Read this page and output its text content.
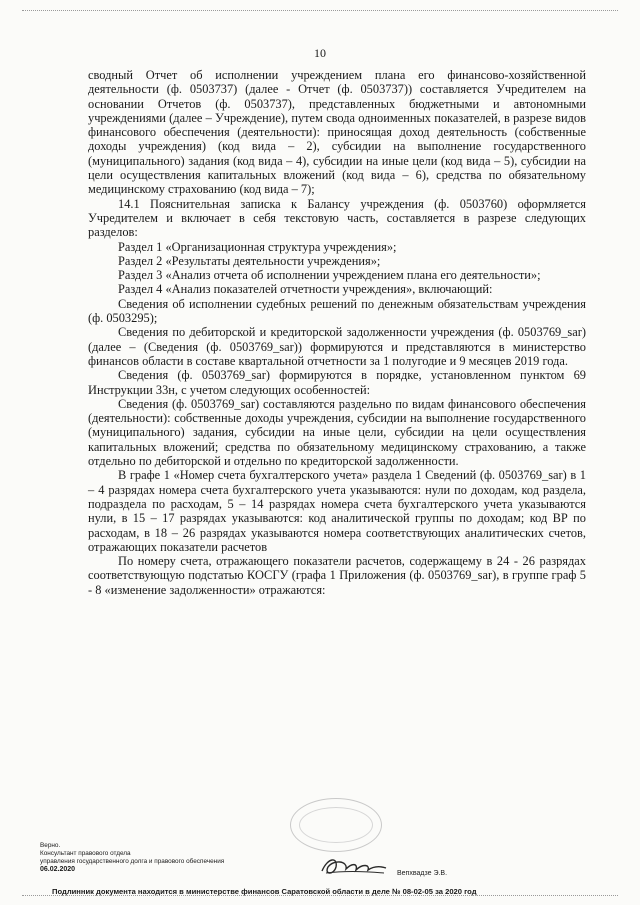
10

сводный Отчет об исполнении учреждением плана его финансово-хозяйственной деятельности (ф. 0503737) (далее - Отчет (ф. 0503737)) составляется Учредителем на основании Отчетов (ф. 0503737), представленных бюджетными и автономными учреждениями (далее – Учреждение), путем свода одноименных показателей, в разрезе видов финансового обеспечения (деятельности): приносящая доход деятельность (собственные доходы учреждения) (код вида – 2), субсидии на выполнение государственного (муниципального) задания (код вида – 4), субсидии на иные цели (код вида – 5), субсидии на цели осуществления капитальных вложений (код вида – 6), средства по обязательному медицинскому страхованию (код вида – 7);

14.1 Пояснительная записка к Балансу учреждения (ф. 0503760) оформляется Учредителем и включает в себя текстовую часть, составляется в разрезе следующих разделов:

Раздел 1 «Организационная структура учреждения»;

Раздел 2 «Результаты деятельности учреждения»;

Раздел 3 «Анализ отчета об исполнении учреждением плана его деятельности»;

Раздел 4 «Анализ показателей отчетности учреждения», включающий:

Сведения об исполнении судебных решений по денежным обязательствам учреждения (ф. 0503295);

Сведения по дебиторской и кредиторской задолженности учреждения (ф. 0503769_sar) (далее – (Сведения (ф. 0503769_sar)) формируются и представляются в министерство финансов области в составе квартальной отчетности за 1 полугодие и 9 месяцев 2019 года.

Сведения (ф. 0503769_sar) формируются в порядке, установленном пунктом 69 Инструкции 33н, с учетом следующих особенностей:

Сведения (ф. 0503769_sar) составляются раздельно по видам финансового обеспечения (деятельности): собственные доходы учреждения, субсидии на выполнение государственного (муниципального) задания, субсидии на иные цели, субсидии на цели осуществления капитальных вложений; средства по обязательному медицинскому страхованию, а также отдельно по дебиторской и отдельно по кредиторской задолженности.

В графе 1 «Номер счета бухгалтерского учета» раздела 1 Сведений (ф. 0503769_sar) в 1 – 4 разрядах номера счета бухгалтерского учета указываются: нули по доходам, код раздела, подраздела по расходам, 5 – 14 разрядах номера счета бухгалтерского учета указываются нули, в 15 – 17 разрядах указываются: код аналитической группы по доходам; код ВР по расходам, в 18 – 26 разрядах указываются номера соответствующих аналитических счетов, отражающих показатели расчетов

По номеру счета, отражающего показатели расчетов, содержащему в 24 - 26 разрядах соответствующую подстатью КОСГУ (графа 1 Приложения (ф. 0503769_sar), в группе граф 5 - 8 «изменение задолженности» отражаются:

Верно.
Консультант правового отдела
управления государственного долга и правового обеспечения
06.02.2020
Вепхвадзе Э.В.
Подлинник документа находится в министерстве финансов Саратовской области в деле № 08-02-05 за 2020 год
